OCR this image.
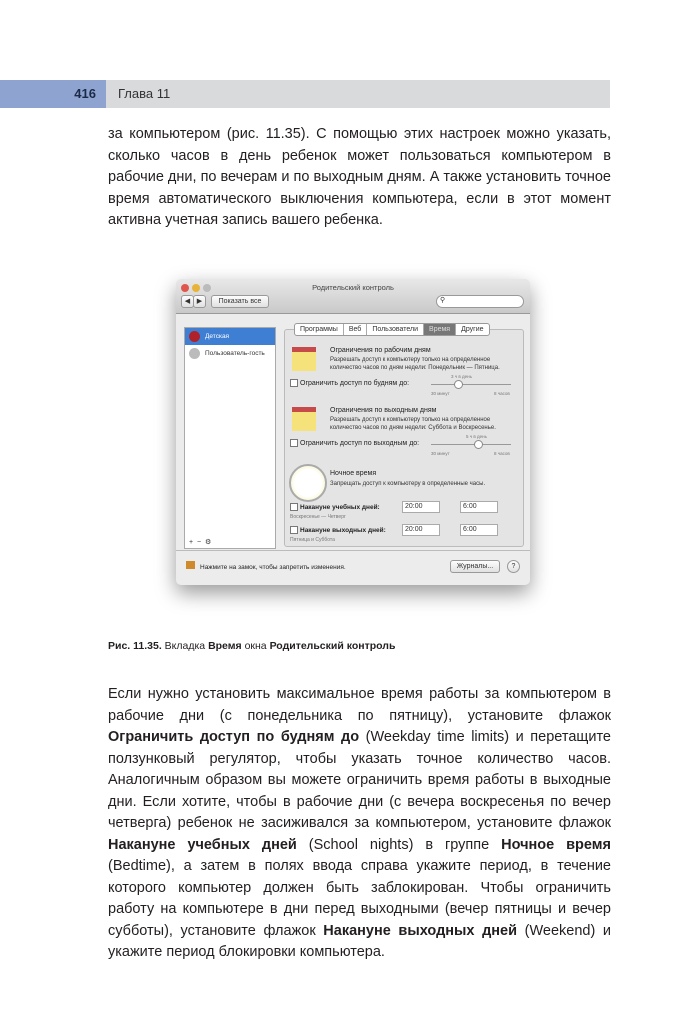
416	Глава 11
за компьютером (рис. 11.35). С помощью этих настроек можно указать, сколько часов в день ребенок может пользоваться компьютером в рабочие дни, по вечерам и по выходным дням. А также установить точное время автоматического выключения компьютера, если в этот момент активна учетная запись вашего ребенка.
Родительский контроль
◀ ▶	Показать все	⚲
Детская
Пользователь-гость
+  −  ⚙
Программы	Веб	Пользователи	Время	Другие
Ограничения по рабочим дням
Разрешать доступ к компьютеру только на определенное количество часов по дням недели: Понедельник — Пятница.
3 ч в день
Ограничить доступ по будням до:
30 минут	8 часов
Ограничения по выходным дням
Разрешать доступ к компьютеру только на определенное количество часов по дням недели: Суббота и Воскресенье.
5 ч в день
Ограничить доступ по выходным до:
30 минут	8 часов
Ночное время
Запрещать доступ к компьютеру в определенные часы.
Накануне учебных дней:
Воскресенье — Четверг
20:00	6:00
Накануне выходных дней:
Пятница и Суббота
20:00	6:00
Нажмите на замок, чтобы запретить изменения.	Журналы...	?
Рис. 11.35. Вкладка Время окна Родительский контроль
Если нужно установить максимальное время работы за компьютером в рабочие дни (с понедельника по пятницу), установите флажок Ограничить доступ по будням до (Weekday time limits) и перетащите ползунковый регулятор, чтобы указать точное количество часов. Аналогичным образом вы можете ограничить время работы в выходные дни. Если хотите, чтобы в рабочие дни (с вечера воскресенья по вечер четверга) ребенок не засиживался за компьютером, установите флажок Накануне учебных дней (School nights) в группе Ночное время (Bedtime), а затем в полях ввода справа укажите период, в течение которого компьютер должен быть заблокирован. Чтобы ограничить работу на компьютере в дни перед выходными (вечер пятницы и вечер субботы), установите флажок Накануне выходных дней (Weekend) и укажите период блокировки компьютера.
